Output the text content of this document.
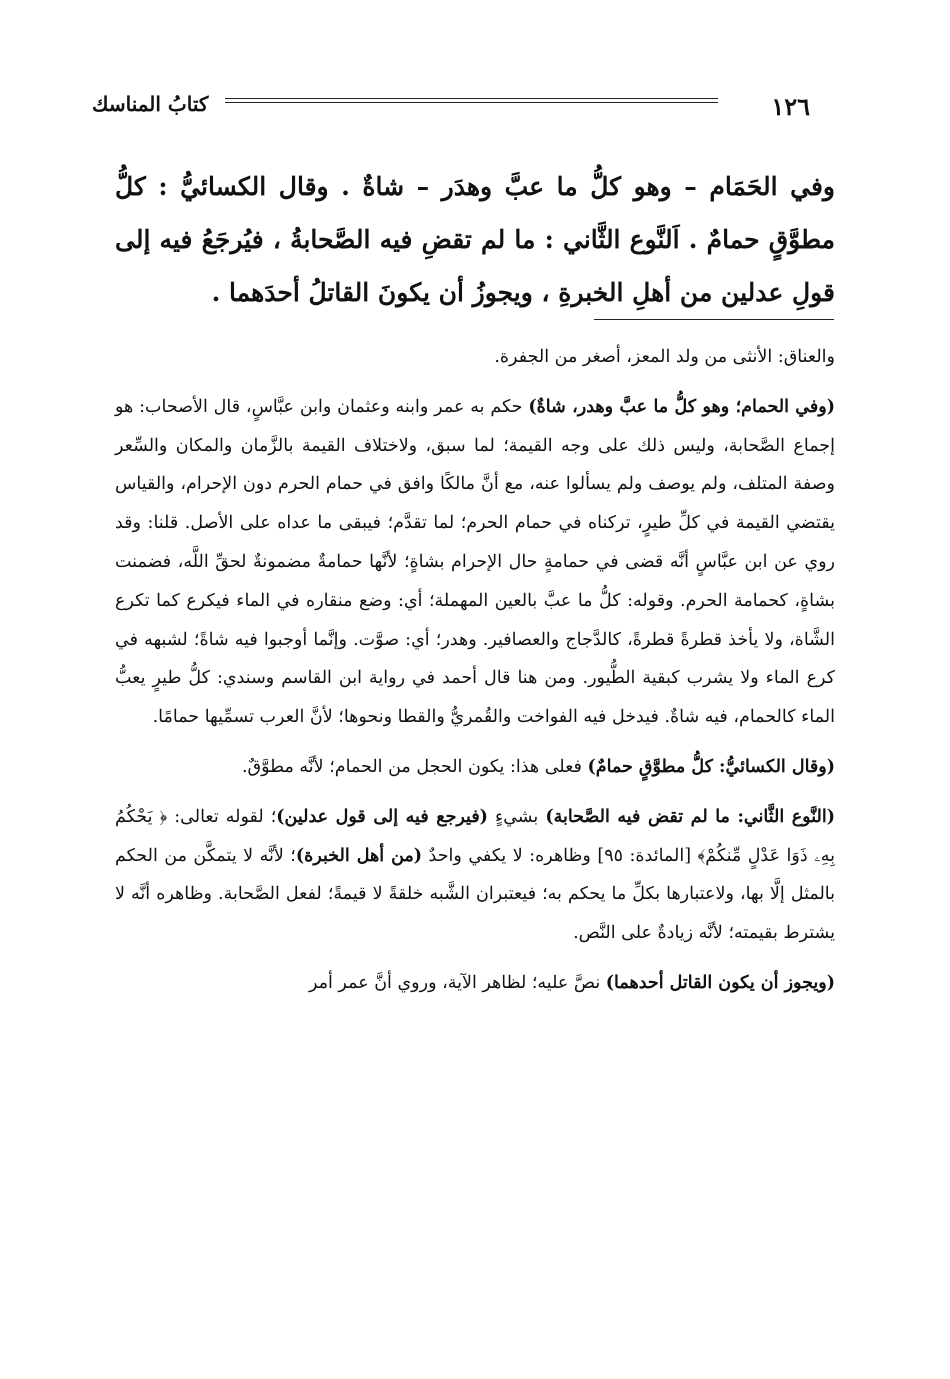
١٢٦
كتابُ المناسك

وفي الحَمَام – وهو كلُّ ما عبَّ وهدَر – شاةٌ . وقال الكسائيُّ : كلُّ مطوَّقٍ حمامٌ . اَلنَّوع الثَّاني : ما لم تقضِ فيه الصَّحابةُ ، فيُرجَعُ فيه إلى قولِ عدلين من أهلِ الخبرةِ ، ويجوزُ أن يكونَ القاتلُ أحدَهما .

والعناق: الأنثى من ولد المعز، أصغر من الجفرة.

(وفي الحمام؛ وهو كلُّ ما عبَّ وهدر، شاةٌ) حكم به عمر وابنه وعثمان وابن عبَّاسٍ، قال الأصحاب: هو إجماع الصَّحابة، وليس ذلك على وجه القيمة؛ لما سبق، ولاختلاف القيمة بالزَّمان والمكان والسِّعر وصفة المتلف، ولم يوصف ولم يسألوا عنه، مع أنَّ مالكًا وافق في حمام الحرم دون الإحرام، والقياس يقتضي القيمة في كلِّ طيرٍ، تركناه في حمام الحرم؛ لما تقدَّم؛ فيبقى ما عداه على الأصل. قلنا: وقد روي عن ابن عبَّاسٍ أنَّه قضى في حمامةٍ حال الإحرام بشاةٍ؛ لأنَّها حمامةٌ مضمونةٌ لحقِّ اللَّه، فضمنت بشاةٍ، كحمامة الحرم. وقوله: كلُّ ما عبَّ بالعين المهملة؛ أي: وضع منقاره في الماء فيكرع كما تكرع الشَّاة، ولا يأخذ قطرةً قطرةً، كالدَّجاج والعصافير. وهدر؛ أي: صوَّت. وإنَّما أوجبوا فيه شاةً؛ لشبهه في كرع الماء ولا يشرب كبقية الطُّيور. ومن هنا قال أحمد في رواية ابن القاسم وسندي: كلُّ طيرٍ يعبُّ الماء كالحمام، فيه شاةٌ. فيدخل فيه الفواخت والقُمريُّ والقطا ونحوها؛ لأنَّ العرب تسمِّيها حمامًا.

(وقال الكسائيُّ: كلُّ مطوَّقٍ حمامٌ) فعلى هذا: يكون الحجل من الحمام؛ لأنَّه مطوَّقٌ.

(النَّوع الثَّاني: ما لم تقض فيه الصَّحابة) بشيءٍ (فيرجع فيه إلى قول عدلين)؛ لقوله تعالى: ﴿ يَحْكُمُ بِهِۦ ذَوَا عَدْلٍ مِّنكُمْ﴾ [المائدة: ٩٥] وظاهره: لا يكفي واحدٌ (من أهل الخبرة)؛ لأنَّه لا يتمكَّن من الحكم بالمثل إلَّا بها، ولاعتبارها بكلِّ ما يحكم به؛ فيعتبران الشَّبه خلقةً لا قيمةً؛ لفعل الصَّحابة. وظاهره أنَّه لا يشترط بقيمته؛ لأنَّه زيادةٌ على النَّص.

(ويجوز أن يكون القاتل أحدهما) نصَّ عليه؛ لظاهر الآية، وروي أنَّ عمر أمر
